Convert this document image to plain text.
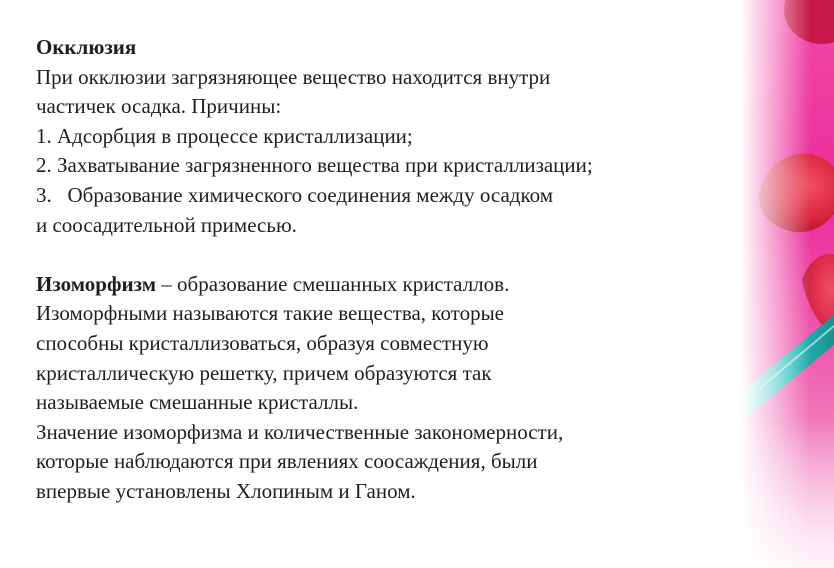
Окклюзия
При окклюзии загрязняющее вещество находится внутри
частичек осадка. Причины:
1. Адсорбция в процессе кристаллизации;
2. Захватывание загрязненного вещества при кристаллизации;
3.   Образование химического соединения между осадком
и соосадительной примесью.
Изоморфизм – образование смешанных кристаллов.
Изоморфными называются такие вещества, которые
способны кристаллизоваться, образуя совместную
кристаллическую решетку, причем образуются так
называемые смешанные кристаллы.
Значение изоморфизма и количественные закономерности,
которые наблюдаются при явлениях соосаждения, были
впервые установлены Хлопиным и Ганом.
